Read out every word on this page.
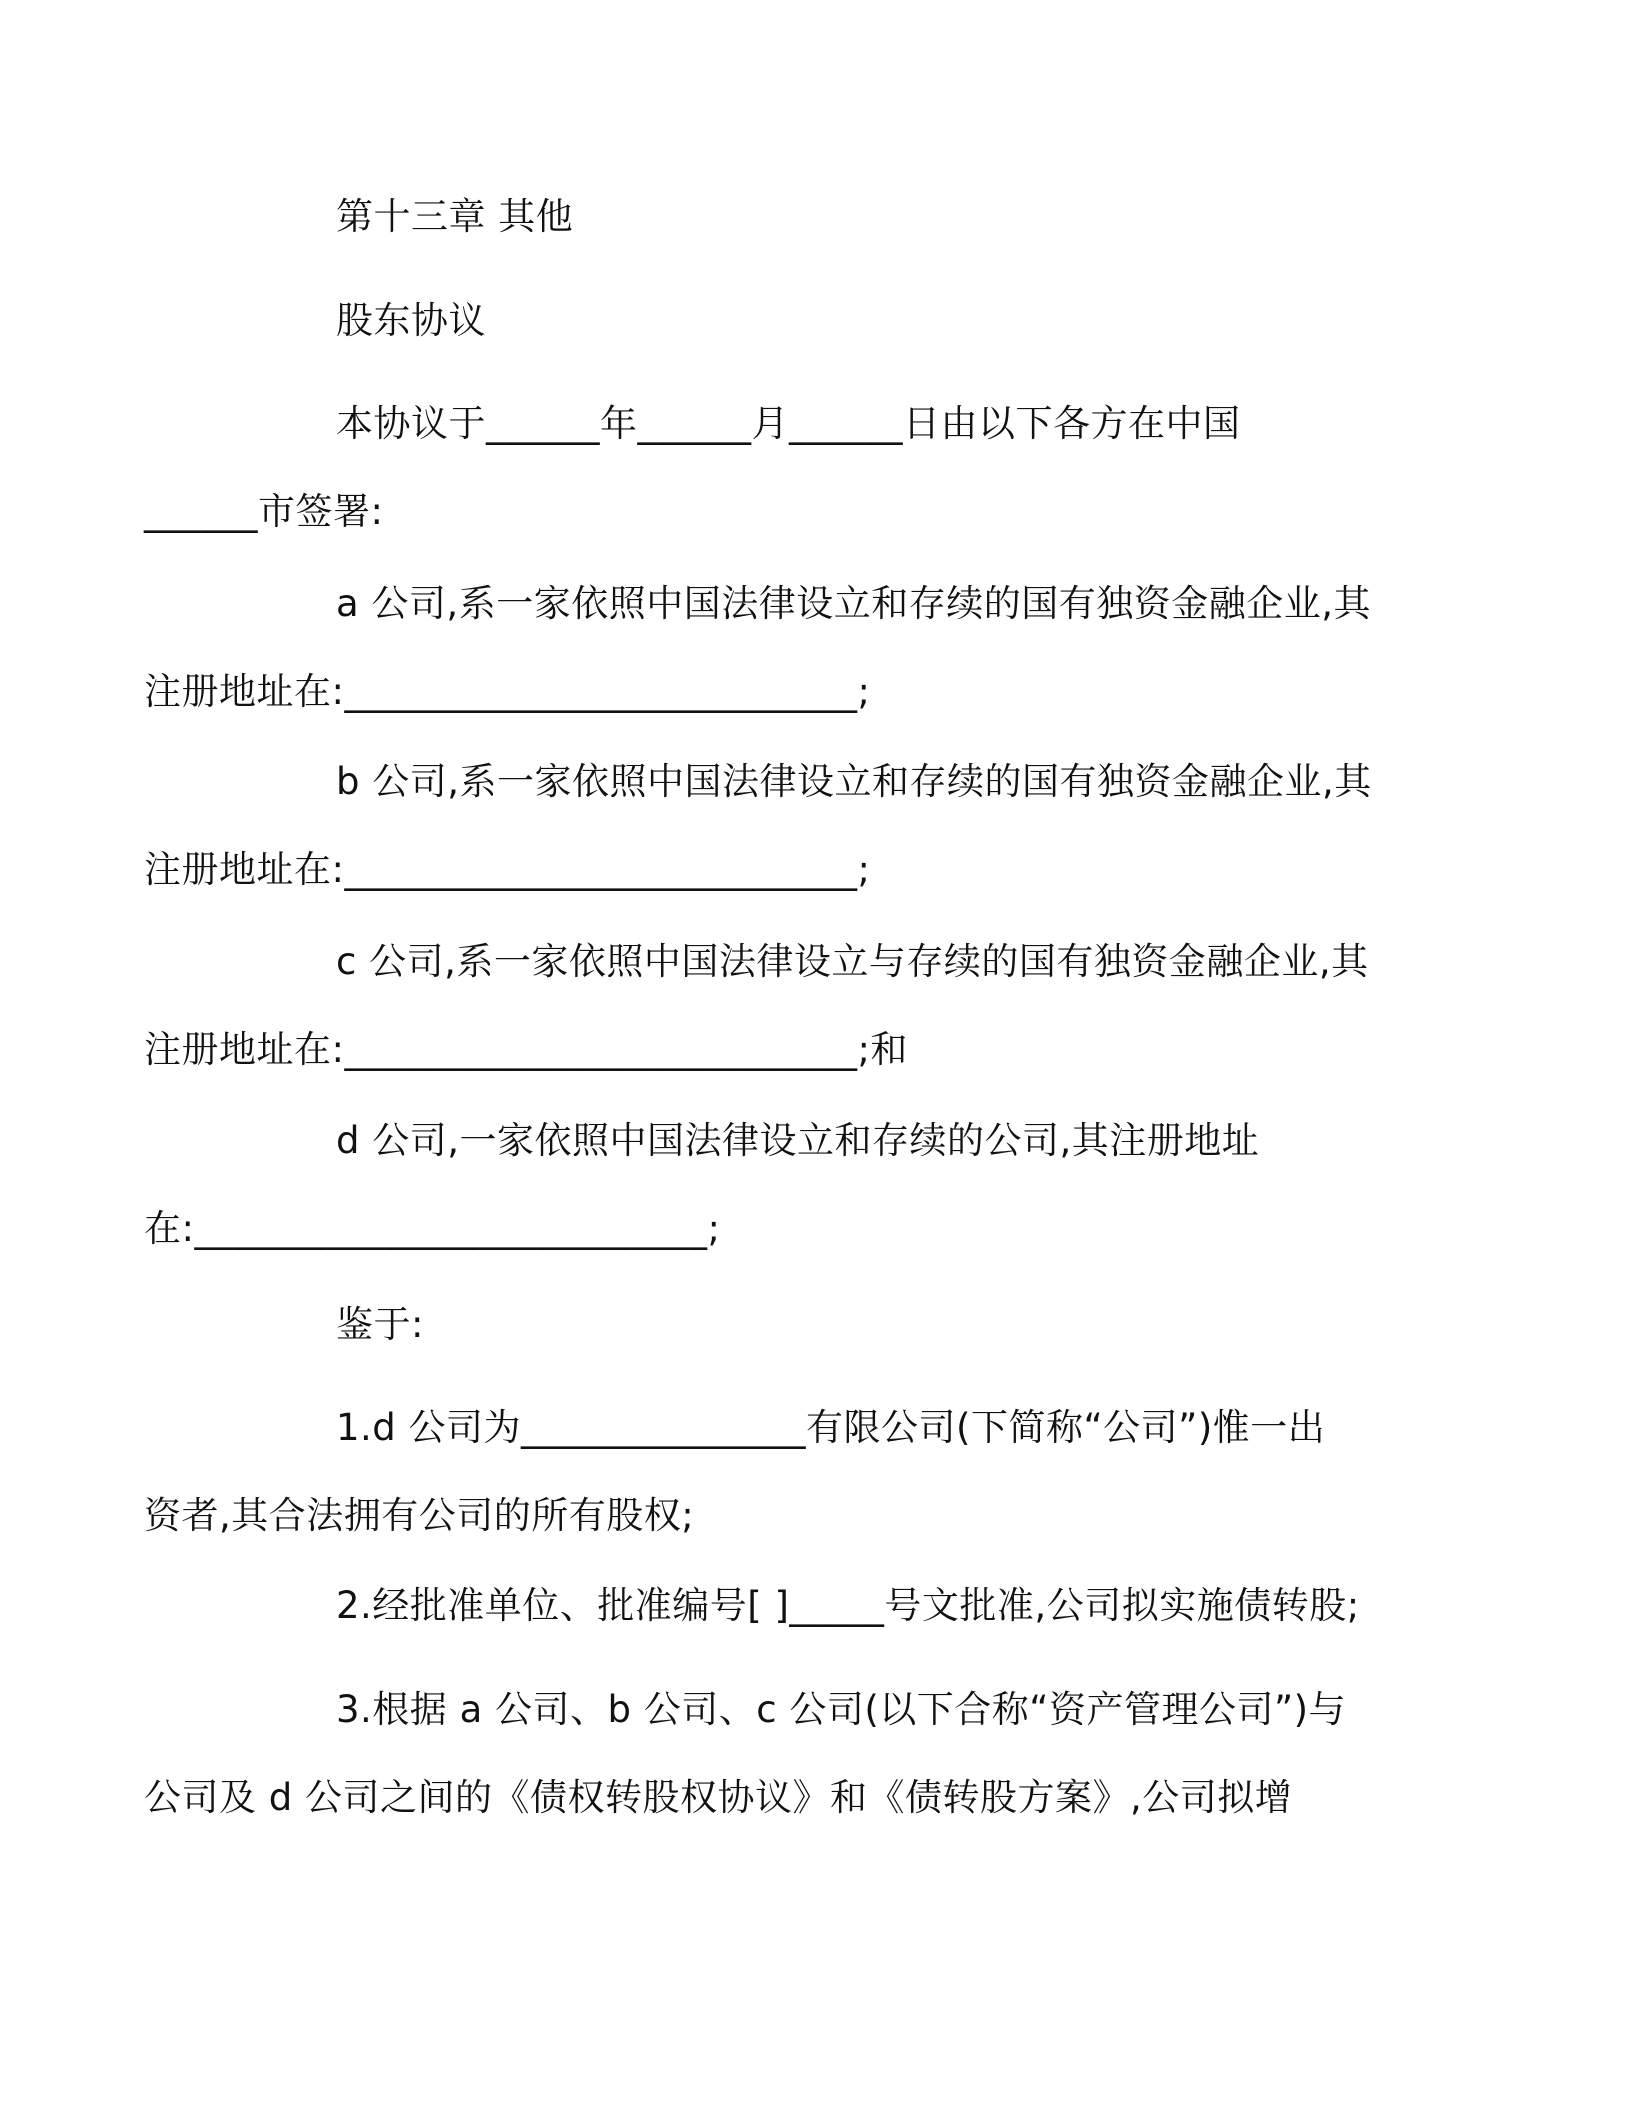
第十三章 其他

股东协议

本协议于______年______月______日由以下各方在中国
______市签署:

a 公司,系一家依照中国法律设立和存续的国有独资金融企业,其
注册地址在:___________________________;

b 公司,系一家依照中国法律设立和存续的国有独资金融企业,其
注册地址在:___________________________;

c 公司,系一家依照中国法律设立与存续的国有独资金融企业,其
注册地址在:___________________________;和

d 公司,一家依照中国法律设立和存续的公司,其注册地址
在:___________________________;

鉴于:

1.d 公司为_______________有限公司(下简称“公司”)惟一出
资者,其合法拥有公司的所有股权;

2.经批准单位、批准编号[ ]_____号文批准,公司拟实施债转股;

3.根据 a 公司、b 公司、c 公司(以下合称“资产管理公司”)与
公司及 d 公司之间的《债权转股权协议》和《债转股方案》,公司拟增
